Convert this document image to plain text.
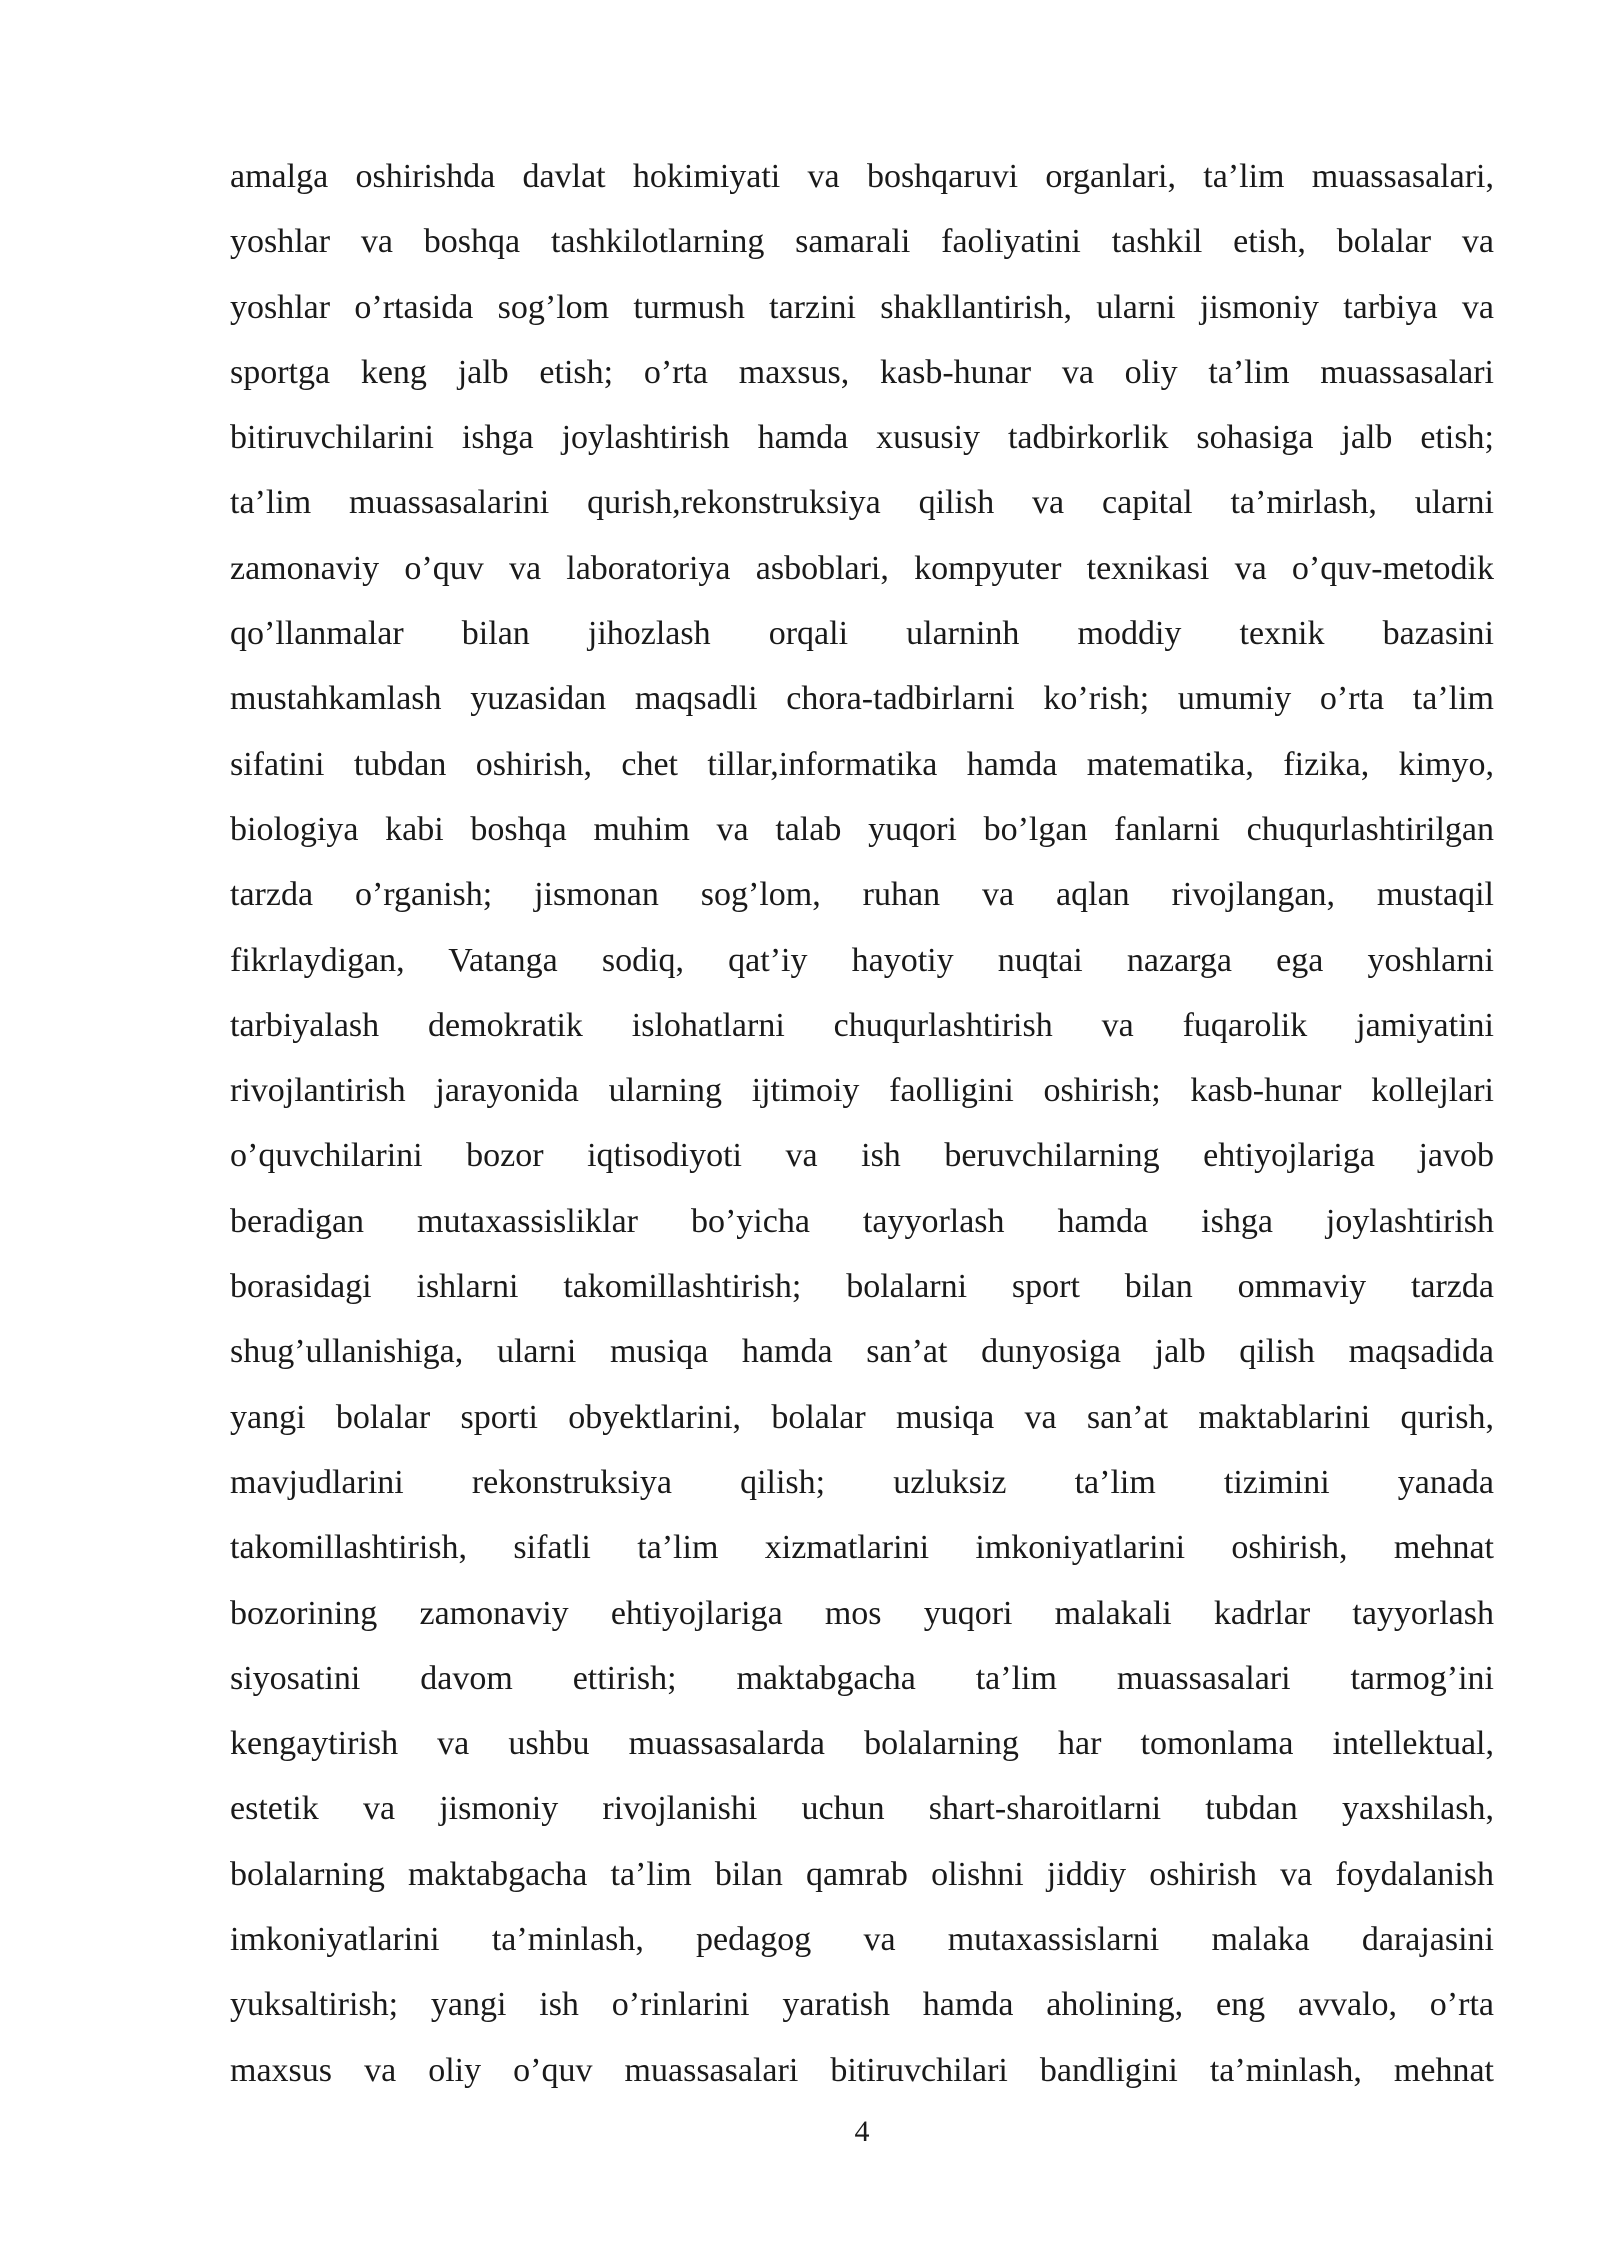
amalga oshirishda davlat hokimiyati va boshqaruvi organlari, ta’lim muassasalari,
yoshlar va boshqa tashkilotlarning samarali faoliyatini tashkil etish, bolalar va
yoshlar o’rtasida sog’lom turmush tarzini shakllantirish, ularni jismoniy tarbiya va
sportga keng jalb etish; o’rta maxsus, kasb-hunar va oliy ta’lim muassasalari
bitiruvchilarini ishga joylashtirish hamda xususiy tadbirkorlik sohasiga jalb etish;
ta’lim muassasalarini qurish,rekonstruksiya qilish va capital ta’mirlash, ularni
zamonaviy o’quv va laboratoriya asboblari, kompyuter texnikasi va o’quv-metodik
qo’llanmalar bilan jihozlash orqali ularninh moddiy texnik bazasini
mustahkamlash yuzasidan maqsadli chora-tadbirlarni ko’rish; umumiy o’rta ta’lim
sifatini tubdan oshirish, chet tillar,informatika hamda matematika, fizika, kimyo,
biologiya kabi boshqa muhim va talab yuqori bo’lgan fanlarni chuqurlashtirilgan
tarzda o’rganish; jismonan sog’lom, ruhan va aqlan rivojlangan, mustaqil
fikrlaydigan, Vatanga sodiq, qat’iy hayotiy nuqtai nazarga ega yoshlarni
tarbiyalash demokratik islohatlarni chuqurlashtirish va fuqarolik jamiyatini
rivojlantirish jarayonida ularning ijtimoiy faolligini oshirish; kasb-hunar kollejlari
o’quvchilarini bozor iqtisodiyoti va ish beruvchilarning ehtiyojlariga javob
beradigan mutaxassisliklar bo’yicha tayyorlash hamda ishga joylashtirish
borasidagi ishlarni takomillashtirish; bolalarni sport bilan ommaviy tarzda
shug’ullanishiga, ularni musiqa hamda san’at dunyosiga jalb qilish maqsadida
yangi bolalar sporti obyektlarini, bolalar musiqa va san’at maktablarini qurish,
mavjudlarini rekonstruksiya qilish; uzluksiz ta’lim tizimini yanada
takomillashtirish, sifatli ta’lim xizmatlarini imkoniyatlarini oshirish, mehnat
bozorining zamonaviy ehtiyojlariga mos yuqori malakali kadrlar tayyorlash
siyosatini davom ettirish; maktabgacha ta’lim muassasalari tarmog’ini
kengaytirish va ushbu muassasalarda bolalarning har tomonlama intellektual,
estetik va jismoniy rivojlanishi uchun shart-sharoitlarni tubdan yaxshilash,
bolalarning maktabgacha ta’lim bilan qamrab olishni jiddiy oshirish va foydalanish
imkoniyatlarini ta’minlash, pedagog va mutaxassislarni malaka darajasini
yuksaltirish; yangi ish o’rinlarini yaratish hamda aholining, eng avvalo, o’rta
maxsus va oliy o’quv muassasalari bitiruvchilari bandligini ta’minlash, mehnat
4
